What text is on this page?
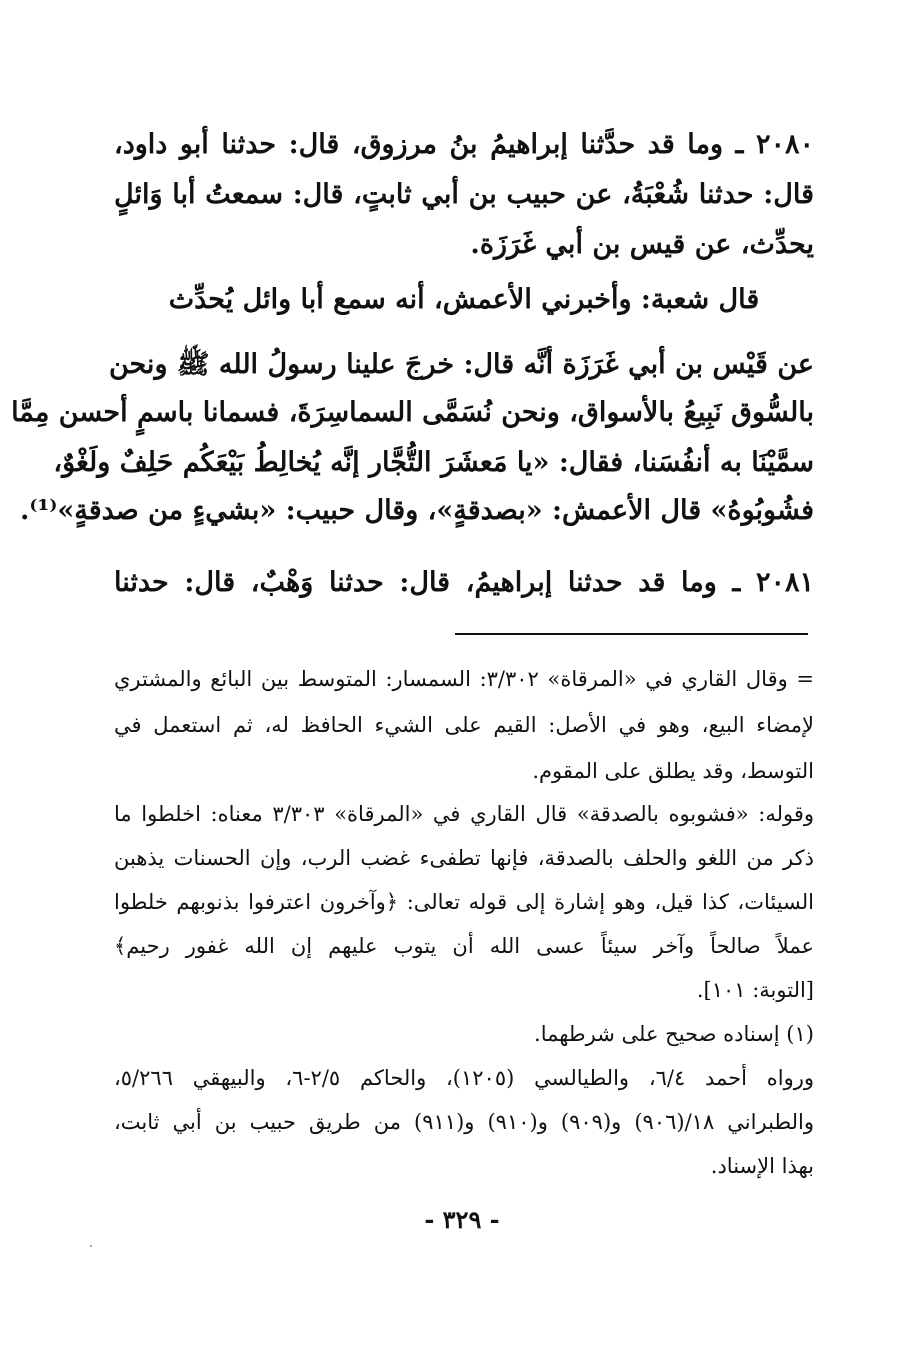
٢٠٨٠ ـ وما قد حدَّثنا إبراهيمُ بنُ مرزوق، قال: حدثنا أبو داود،
قال: حدثنا شُعْبَةُ، عن حبيب بن أبي ثابتٍ، قال: سمعتُ أبا وَائلٍ
يحدِّث، عن قيس بن أبي غَرَزَة.
قال شعبة: وأخبرني الأعمش، أنه سمع أبا وائل يُحدِّث
عن قَيْس بن أبي غَرَزَة أنَّه قال: خرجَ علينا رسولُ الله ﷺ ونحن
بالسُّوق نَبِيعُ بالأسواق، ونحن نُسَمَّى السماسِرَةَ، فسمانا باسمٍ أحسن مِمَّا
سمَّيْنَا به أنفُسَنا، فقال: «يا مَعشَرَ التُّجَّار إنَّه يُخالِطُ بَيْعَكُم حَلِفٌ ولَغْوٌ،
فشُوبُوهُ» قال الأعمش: «بصدقةٍ»، وقال حبيب: «بشيءٍ من صدقةٍ»⁽¹⁾.
٢٠٨١ ـ وما قد حدثنا إبراهيمُ، قال: حدثنا وَهْبٌ، قال: حدثنا
= وقال القاري في «المرقاة» ٣/٣٠٢: السمسار: المتوسط بين البائع والمشتري
لإمضاء البيع، وهو في الأصل: القيم على الشيء الحافظ له، ثم استعمل في
التوسط، وقد يطلق على المقوم.
وقوله: «فشوبوه بالصدقة» قال القاري في «المرقاة» ٣/٣٠٣ معناه: اخلطوا ما
ذكر من اللغو والحلف بالصدقة، فإنها تطفىء غضب الرب، وإن الحسنات يذهبن
السيئات، كذا قيل، وهو إشارة إلى قوله تعالى: ﴿وآخرون اعترفوا بذنوبهم خلطوا
عملاً صالحاً وآخر سيئاً عسى الله أن يتوب عليهم إن الله غفور رحيم﴾
[التوبة: ١٠١].
(١) إسناده صحيح على شرطهما.
ورواه أحمد ٦/٤، والطيالسي (١٢٠٥)، والحاكم ٢/٥-٦، والبيهقي ٥/٢٦٦،
والطبراني ١٨/(٩٠٦) و(٩٠٩) و(٩١٠) و(٩١١) من طريق حبيب بن أبي ثابت،
بهذا الإسناد.
- ٣٢٩ -
